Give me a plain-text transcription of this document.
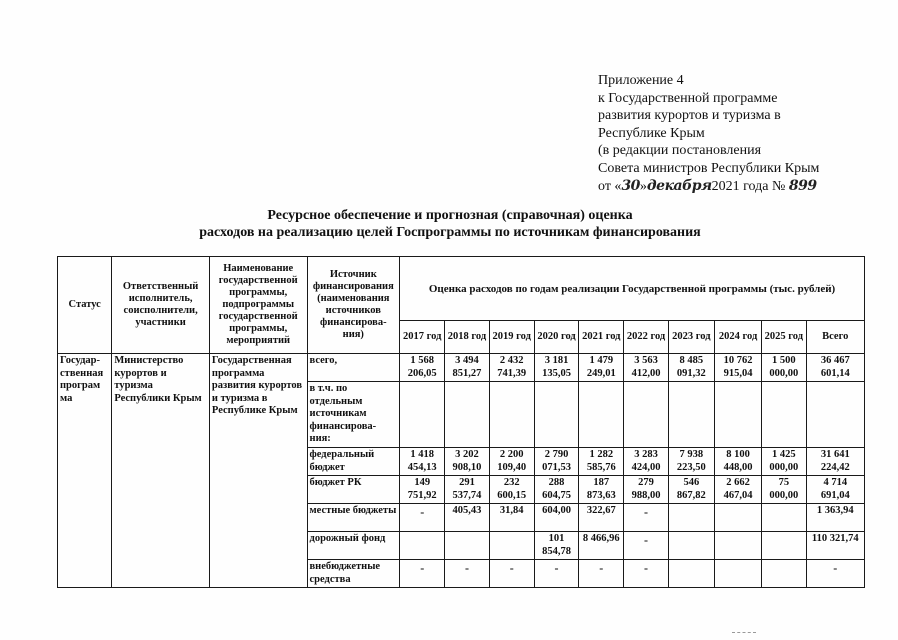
Приложение 4
к Государственной программе
развития курортов и туризма в
Республике Крым
(в редакции постановления
Совета министров Республики Крым
от «30»декабря2021 года № 899
Ресурсное обеспечение и прогнозная (справочная) оценка
расходов на реализацию целей Госпрограммы по источникам финансирования
Статус	Ответственный исполнитель, соисполнители, участники	Наименование государственной программы, подпрограммы государственной программы, мероприятий	Источник финансирования (наименования источников финансирова-ния)	Оценка расходов по годам реализации Государственной программы (тыс. рублей)									
				2017 год	2018 год	2019 год	2020 год	2021 год	2022 год	2023 год	2024 год	2025 год	Всего
Государ-ственная програм ма	Министерство курортов и туризма Республики Крым	Государственная программа развития курортов и туризма в Республике Крым	всего,	1 568 206,05	3 494 851,27	2 432 741,39	3 181 135,05	1 479 249,01	3 563 412,00	8 485 091,32	10 762 915,04	1 500 000,00	36 467 601,14
			в т.ч. по отдельным источникам финансирова-ния:										
			федеральный бюджет	1 418 454,13	3 202 908,10	2 200 109,40	2 790 071,53	1 282 585,76	3 283 424,00	7 938 223,50	8 100 448,00	1 425 000,00	31 641 224,42
			бюджет РК	149 751,92	291 537,74	232 600,15	288 604,75	187 873,63	279 988,00	546 867,82	2 662 467,04	75 000,00	4 714 691,04
			местные бюджеты	-	405,43	31,84	604,00	322,67	-				1 363,94
			дорожный фонд				101 854,78	8 466,96	-				110 321,74
			внебюджетные средства	-	-	-	-	-	-				-
